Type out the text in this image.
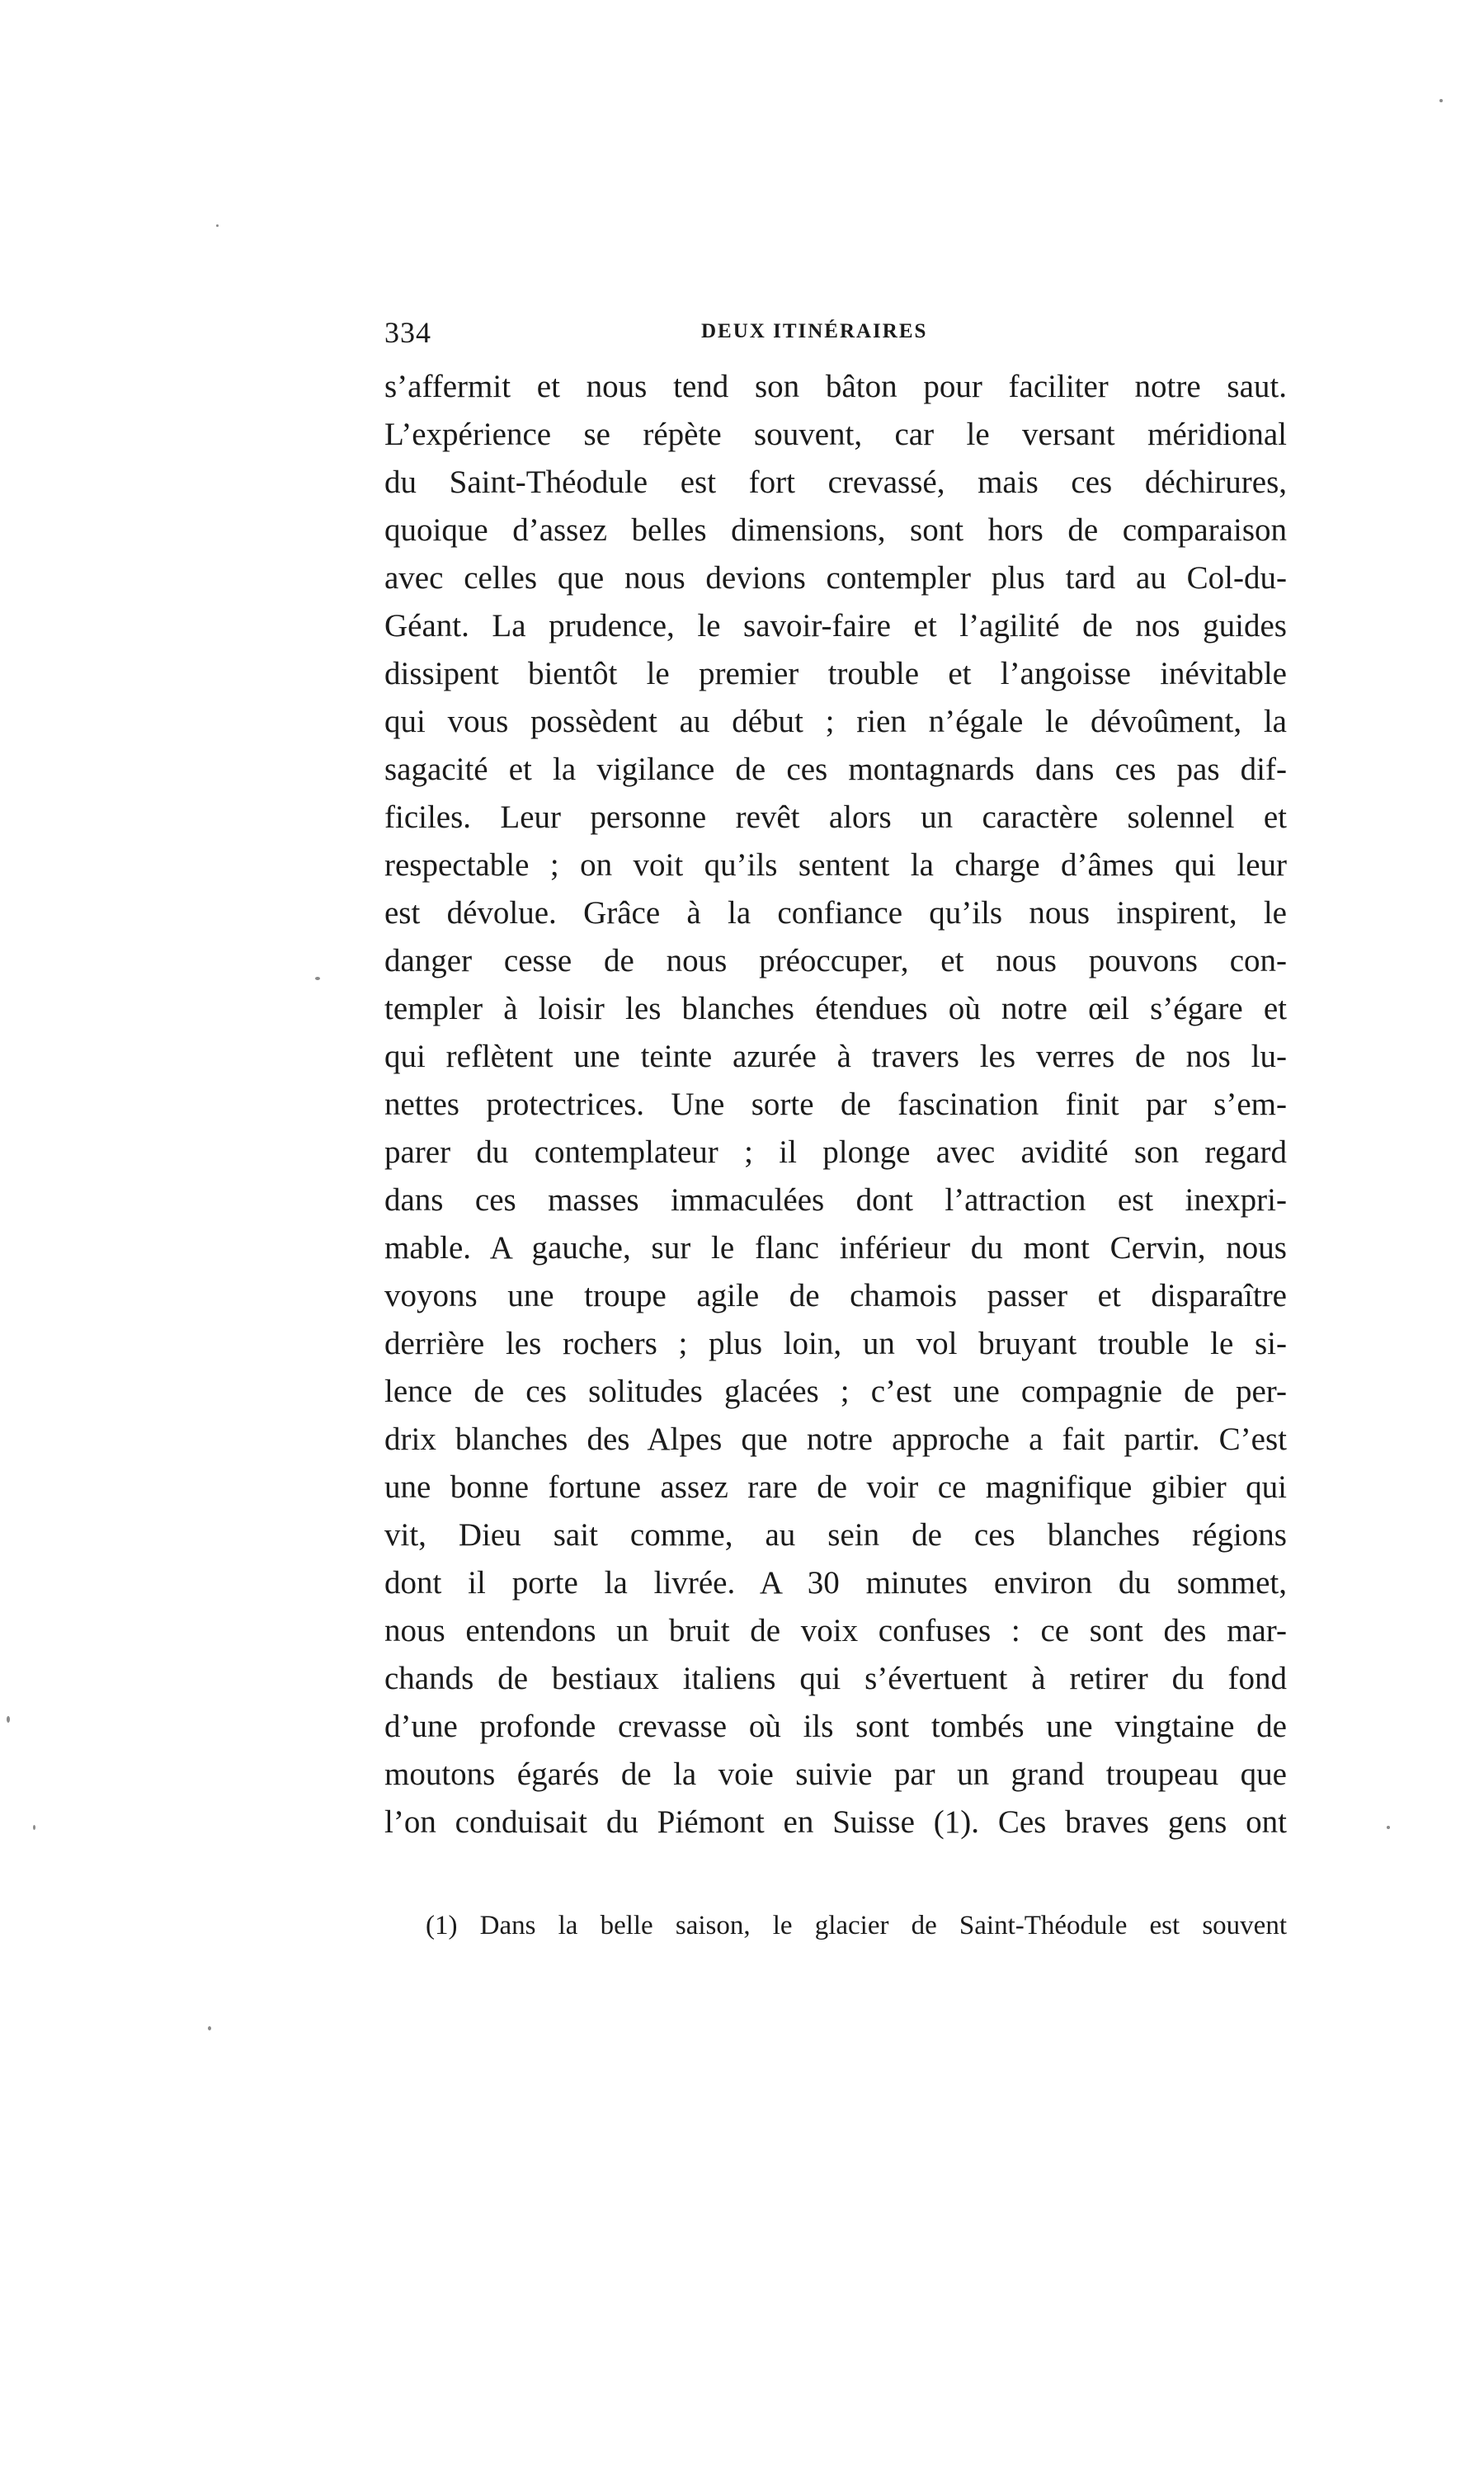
334	DEUX ITINÉRAIRES
s’affermit et nous tend son bâton pour faciliter notre saut.
L’expérience se répète souvent, car le versant méridional
du Saint-Théodule est fort crevassé, mais ces déchirures,
quoique d’assez belles dimensions, sont hors de comparaison
avec celles que nous devions contempler plus tard au Col-du-
Géant. La prudence, le savoir-faire et l’agilité de nos guides
dissipent bientôt le premier trouble et l’angoisse inévitable
qui vous possèdent au début ; rien n’égale le dévoûment, la
sagacité et la vigilance de ces montagnards dans ces pas dif-
ficiles. Leur personne revêt alors un caractère solennel et
respectable ; on voit qu’ils sentent la charge d’âmes qui leur
est dévolue. Grâce à la confiance qu’ils nous inspirent, le
danger cesse de nous préoccuper, et nous pouvons con-
templer à loisir les blanches étendues où notre œil s’égare et
qui reflètent une teinte azurée à travers les verres de nos lu-
nettes protectrices. Une sorte de fascination finit par s’em-
parer du contemplateur ; il plonge avec avidité son regard
dans ces masses immaculées dont l’attraction est inexpri-
mable. A gauche, sur le flanc inférieur du mont Cervin, nous
voyons une troupe agile de chamois passer et disparaître
derrière les rochers ; plus loin, un vol bruyant trouble le si-
lence de ces solitudes glacées ; c’est une compagnie de per-
drix blanches des Alpes que notre approche a fait partir. C’est
une bonne fortune assez rare de voir ce magnifique gibier qui
vit, Dieu sait comme, au sein de ces blanches régions
dont il porte la livrée. A 30 minutes environ du sommet,
nous entendons un bruit de voix confuses : ce sont des mar-
chands de bestiaux italiens qui s’évertuent à retirer du fond
d’une profonde crevasse où ils sont tombés une vingtaine de
moutons égarés de la voie suivie par un grand troupeau que
l’on conduisait du Piémont en Suisse (1). Ces braves gens ont
(1) Dans la belle saison, le glacier de Saint-Théodule est souvent
